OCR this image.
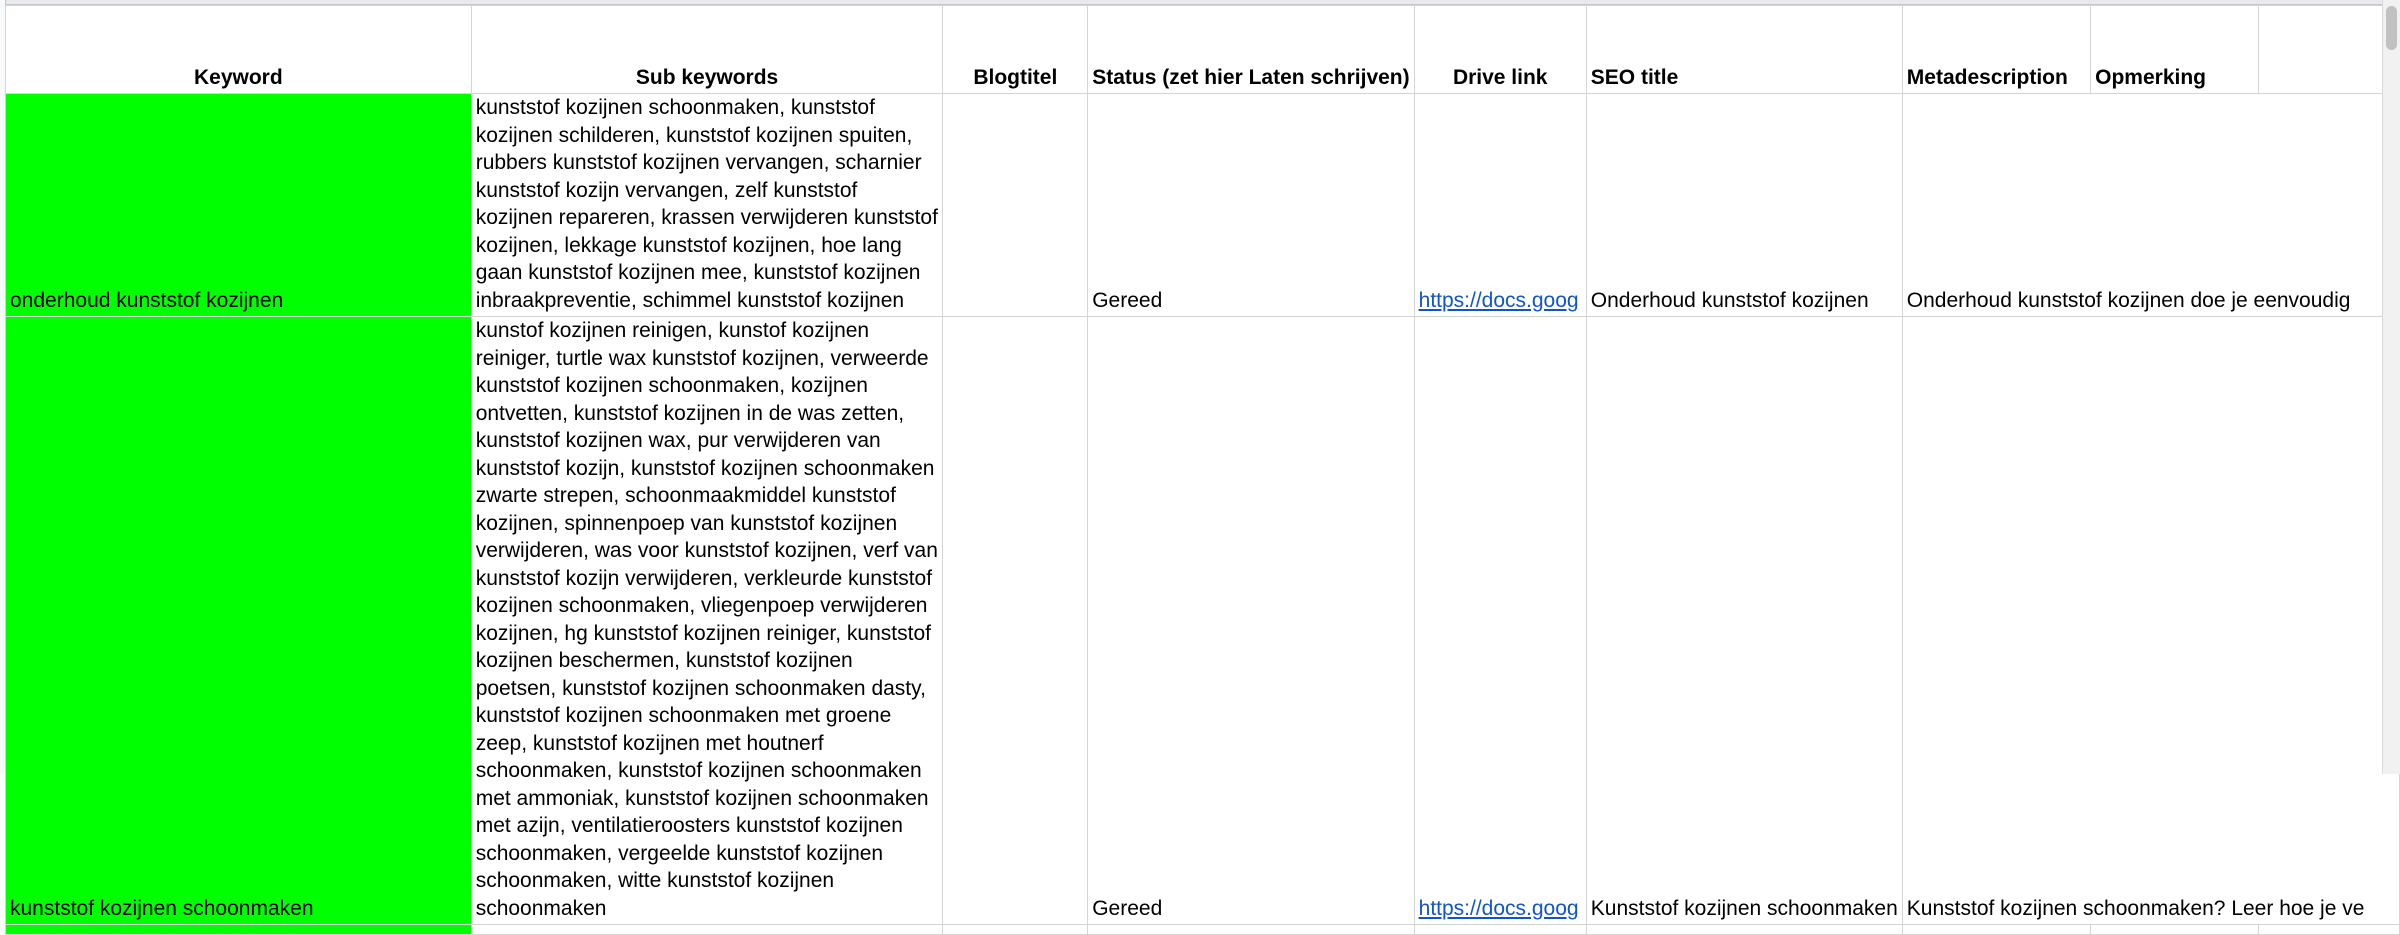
Keyword	Sub keywords	Blogtitel	Status (zet hier Laten schrijven)	Drive link	SEO title	Metadescription	Opmerking	
onderhoud kunststof kozijnen	kunststof kozijnen schoonmaken, kunststof kozijnen schilderen, kunststof kozijnen spuiten, rubbers kunststof kozijnen vervangen, scharnier kunststof kozijn vervangen, zelf kunststof kozijnen repareren, krassen verwijderen kunststof kozijnen, lekkage kunststof kozijnen, hoe lang gaan kunststof kozijnen mee, kunststof kozijnen inbraakpreventie, schimmel kunststof kozijnen		Gereed	https://docs.goog	Onderhoud kunststof kozijnen	Onderhoud kunststof kozijnen doe je eenvoudig		
kunststof kozijnen schoonmaken	kunstof kozijnen reinigen, kunstof kozijnen reiniger, turtle wax kunststof kozijnen, verweerde kunststof kozijnen schoonmaken, kozijnen ontvetten, kunststof kozijnen in de was zetten, kunststof kozijnen wax, pur verwijderen van kunststof kozijn, kunststof kozijnen schoonmaken zwarte strepen, schoonmaakmiddel kunststof kozijnen, spinnenpoep van kunststof kozijnen verwijderen, was voor kunststof kozijnen, verf van kunststof kozijn verwijderen, verkleurde kunststof kozijnen schoonmaken, vliegenpoep verwijderen kozijnen, hg kunststof kozijnen reiniger, kunststof kozijnen beschermen, kunststof kozijnen poetsen, kunststof kozijnen schoonmaken dasty, kunststof kozijnen schoonmaken met groene zeep, kunststof kozijnen met houtnerf schoonmaken, kunststof kozijnen schoonmaken met ammoniak, kunststof kozijnen schoonmaken met azijn, ventilatieroosters kunststof kozijnen schoonmaken, vergeelde kunststof kozijnen schoonmaken, witte kunststof kozijnen schoonmaken		Gereed	https://docs.goog	Kunststof kozijnen schoonmaken	Kunststof kozijnen schoonmaken? Leer hoe je ve		
